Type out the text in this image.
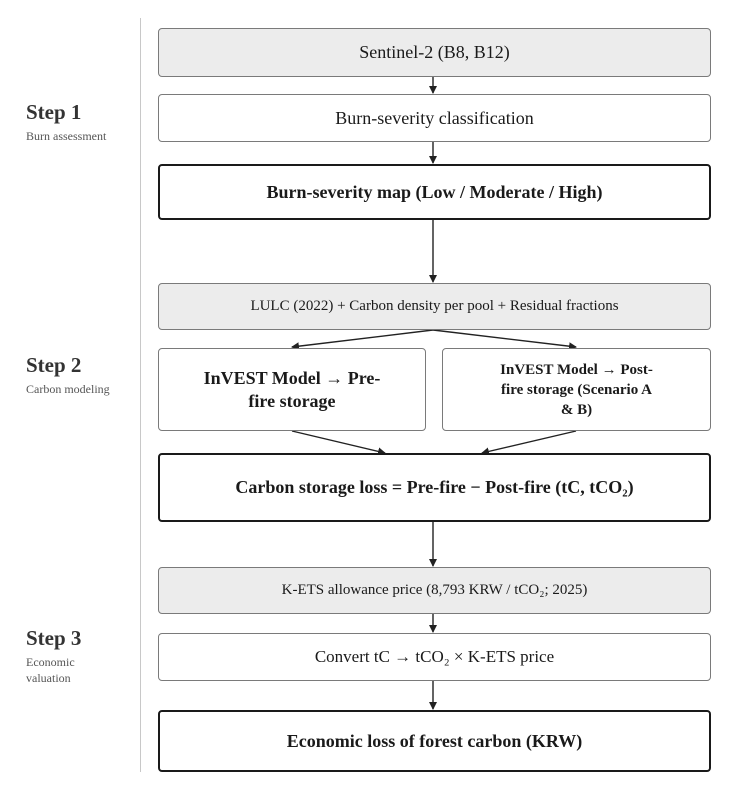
Step 1
Burn assessment
Step 2
Carbon modeling
Step 3
Economic valuation
Sentinel-2 (B8, B12)
Burn-severity classification
Burn-severity map (Low / Moderate / High)
LULC (2022) + Carbon density per pool + Residual fractions
InVEST Model → Pre-fire storage
InVEST Model → Post-fire storage (Scenario A & B)
Carbon storage loss = Pre-fire − Post-fire (tC, tCO₂)
K-ETS allowance price (8,793 KRW / tCO₂; 2025)
Convert tC → tCO₂ × K-ETS price
Economic loss of forest carbon (KRW)
